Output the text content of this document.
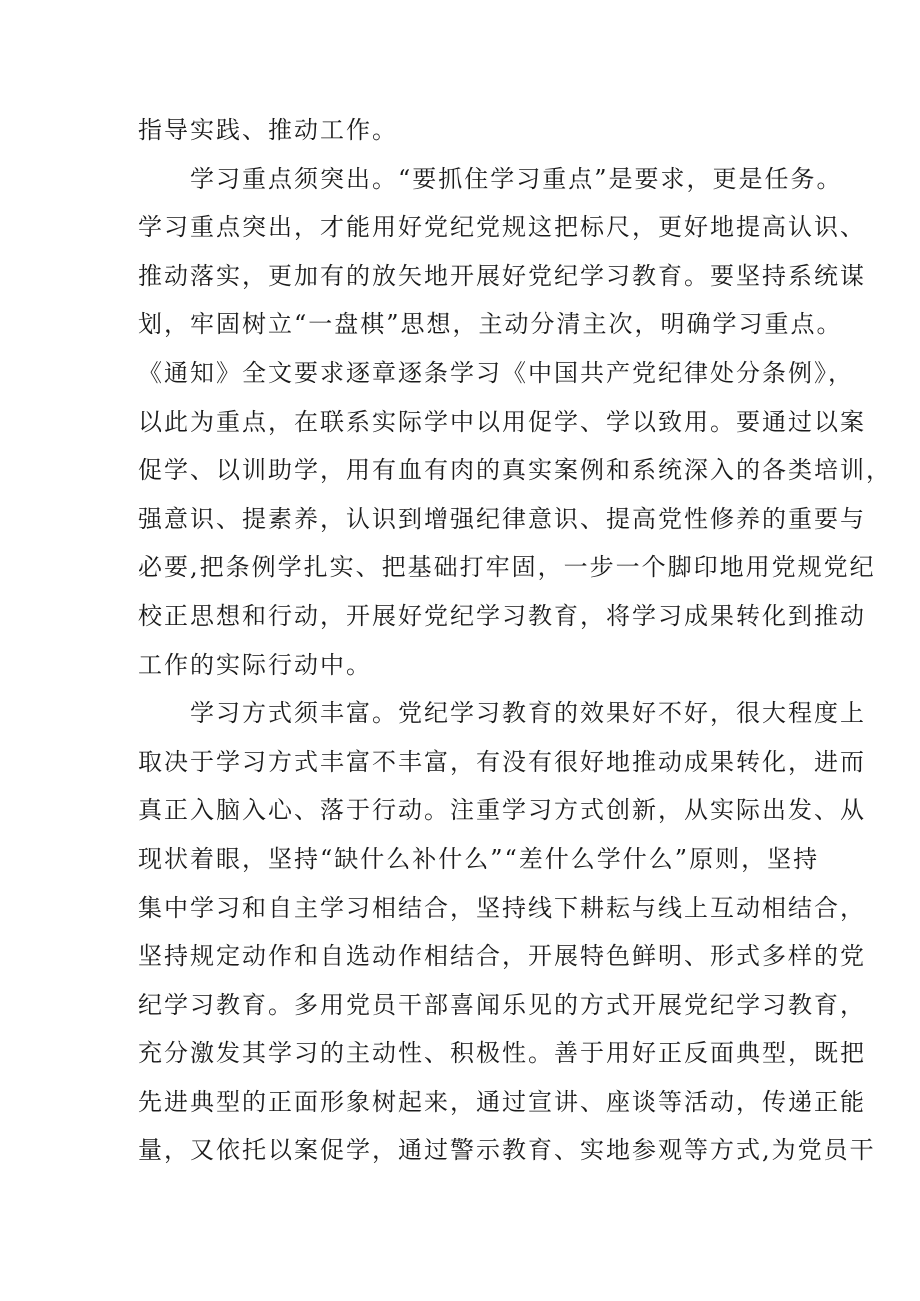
指导实践、推动工作。
　　学习重点须突出。“要抓住学习重点”是要求，更是任务。
学习重点突出，才能用好党纪党规这把标尺，更好地提高认识、
推动落实，更加有的放矢地开展好党纪学习教育。要坚持系统谋
划，牢固树立“一盘棋”思想，主动分清主次，明确学习重点。
《通知》全文要求逐章逐条学习《中国共产党纪律处分条例》，
以此为重点，在联系实际学中以用促学、学以致用。要通过以案
促学、以训助学，用有血有肉的真实案例和系统深入的各类培训，
强意识、提素养，认识到增强纪律意识、提高党性修养的重要与
必要,把条例学扎实、把基础打牢固，一步一个脚印地用党规党纪
校正思想和行动，开展好党纪学习教育，将学习成果转化到推动
工作的实际行动中。
　　学习方式须丰富。党纪学习教育的效果好不好，很大程度上
取决于学习方式丰富不丰富，有没有很好地推动成果转化，进而
真正入脑入心、落于行动。注重学习方式创新，从实际出发、从
现状着眼，坚持“缺什么补什么”“差什么学什么”原则，坚持
集中学习和自主学习相结合，坚持线下耕耘与线上互动相结合，
坚持规定动作和自选动作相结合，开展特色鲜明、形式多样的党
纪学习教育。多用党员干部喜闻乐见的方式开展党纪学习教育，
充分激发其学习的主动性、积极性。善于用好正反面典型，既把
先进典型的正面形象树起来，通过宣讲、座谈等活动，传递正能
量，又依托以案促学，通过警示教育、实地参观等方式,为党员干
